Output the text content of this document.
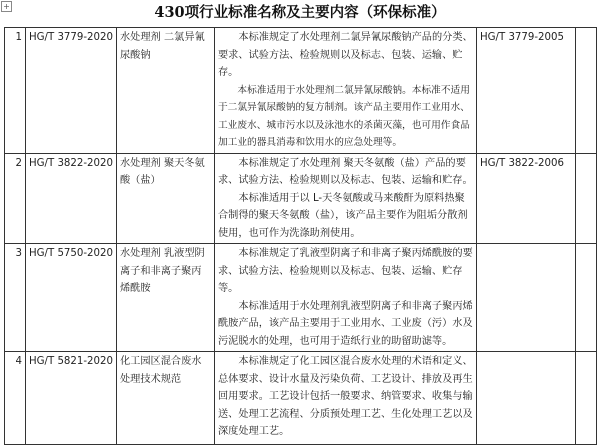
+	430项行业标准名称及主要内容（环保标准）
1	HG/T 3779-2020	水处理剂 二氯异氰尿酸钠	本标准规定了水处理剂二氯异氰尿酸钠产品的分类、要求、试验方法、检验规则以及标志、包装、运输、贮存。

本标准适用于水处理剂二氯异氰尿酸钠。本标准不适用于二氯异氰尿酸钠的复方制剂。该产品主要用作工业用水、工业废水、城市污水以及泳池水的杀菌灭藻，也可用作食品加工业的器具消毒和饮用水的应急处理等。	HG/T 3779-2005	
2	HG/T 3822-2020	水处理剂 聚天冬氨酸（盐）	本标准规定了水处理剂 聚天冬氨酸（盐）产品的要求、试验方法、检验规则以及标志、包装、运输和贮存。

本标准适用于以 L-天冬氨酸或马来酸酐为原料热聚合制得的聚天冬氨酸（盐），该产品主要作为阻垢分散剂使用，也可作为洗涤助剂使用。	HG/T 3822-2006	
3	HG/T 5750-2020	水处理剂 乳液型阴离子和非离子聚丙烯酰胺	本标准规定了乳液型阴离子和非离子聚丙烯酰胺的要求、试验方法、检验规则以及标志、包装、运输、贮存等。

本标准适用于水处理剂乳液型阴离子和非离子聚丙烯酰胺产品，该产品主要用于工业用水、工业废（污）水及污泥脱水的处理，也可用于造纸行业的助留助滤等。		

4	HG/T 5821-2020	化工园区混合废水处理技术规范	本标准规定了化工园区混合废水处理的术语和定义、总体要求、设计水量及污染负荷、工艺设计、排放及再生回用要求。工艺设计包括一般要求、纳管要求、收集与输送、处理工艺流程、分质预处理工艺、生化处理工艺以及深度处理工艺。		
